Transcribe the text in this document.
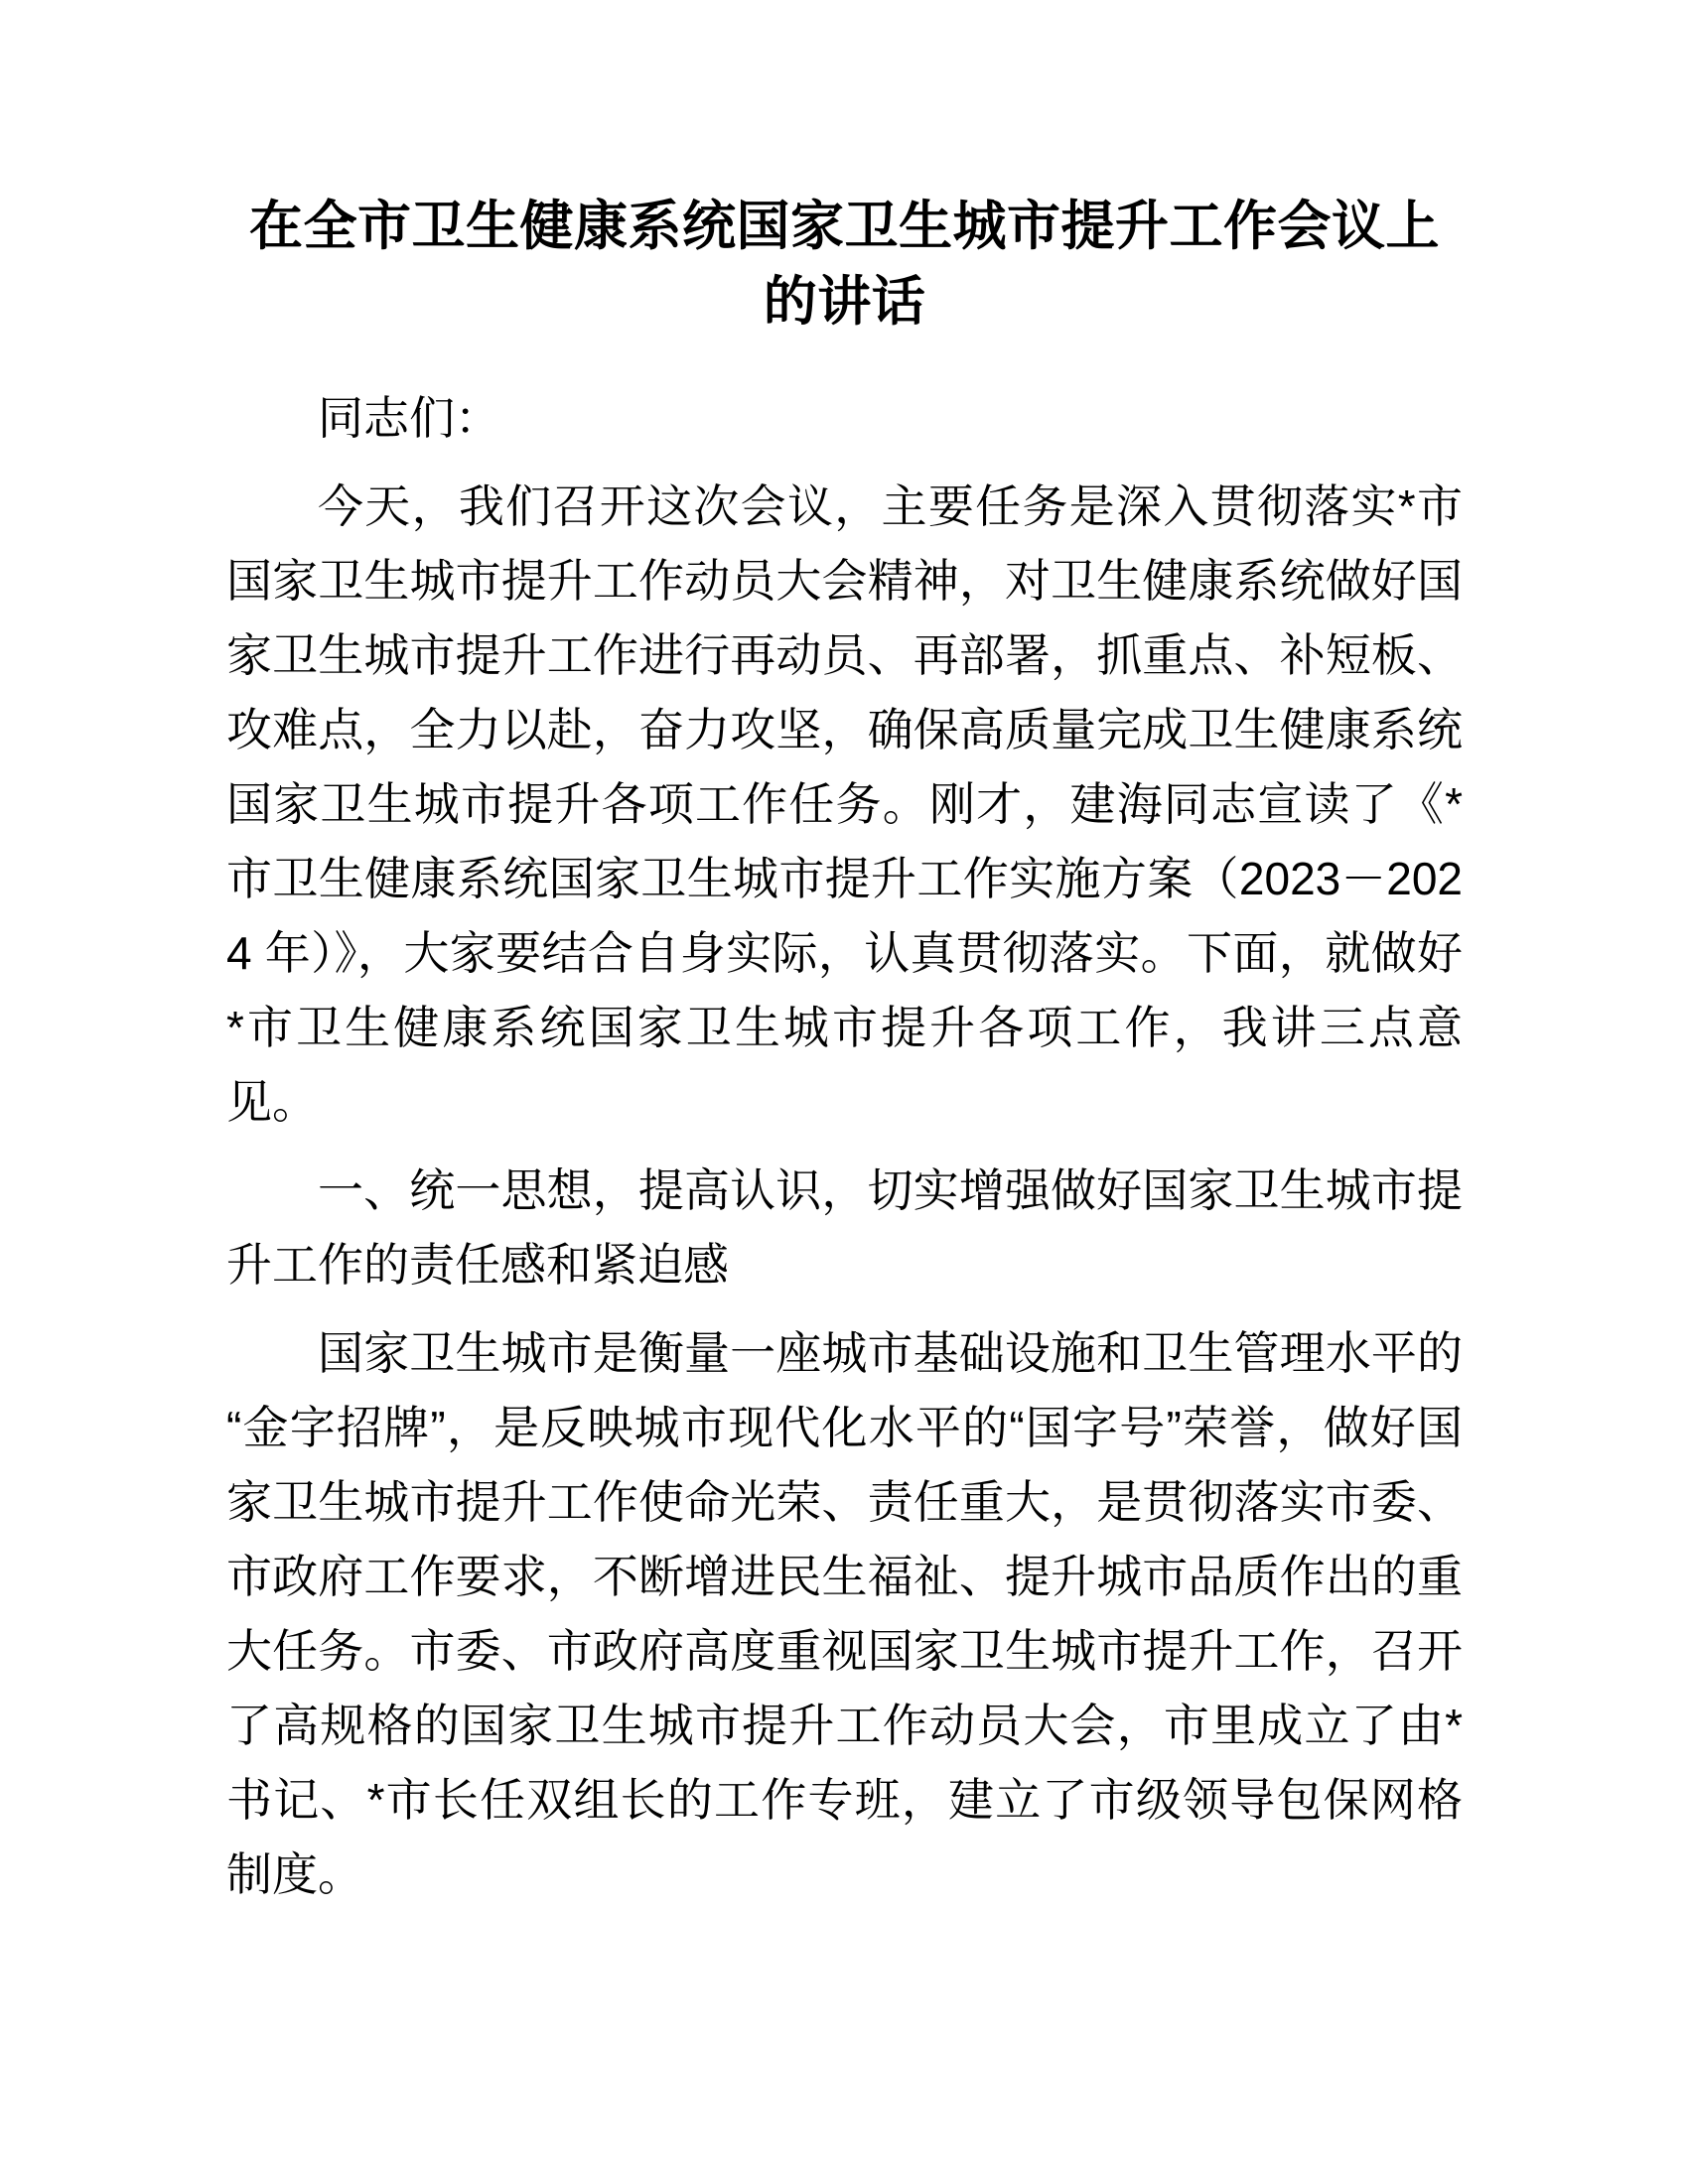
在全市卫生健康系统国家卫生城市提升工作会议上的讲话

同志们：

今天，我们召开这次会议，主要任务是深入贯彻落实*市国家卫生城市提升工作动员大会精神，对卫生健康系统做好国家卫生城市提升工作进行再动员、再部署，抓重点、补短板、攻难点，全力以赴，奋力攻坚，确保高质量完成卫生健康系统国家卫生城市提升各项工作任务。刚才，建海同志宣读了《*市卫生健康系统国家卫生城市提升工作实施方案（2023－2024 年）》，大家要结合自身实际，认真贯彻落实。下面，就做好*市卫生健康系统国家卫生城市提升各项工作，我讲三点意见。

一、统一思想，提高认识，切实增强做好国家卫生城市提升工作的责任感和紧迫感

国家卫生城市是衡量一座城市基础设施和卫生管理水平的“金字招牌”，是反映城市现代化水平的“国字号”荣誉，做好国家卫生城市提升工作使命光荣、责任重大，是贯彻落实市委、市政府工作要求，不断增进民生福祉、提升城市品质作出的重大任务。市委、市政府高度重视国家卫生城市提升工作，召开了高规格的国家卫生城市提升工作动员大会，市里成立了由*书记、*市长任双组长的工作专班，建立了市级领导包保网格制度。
